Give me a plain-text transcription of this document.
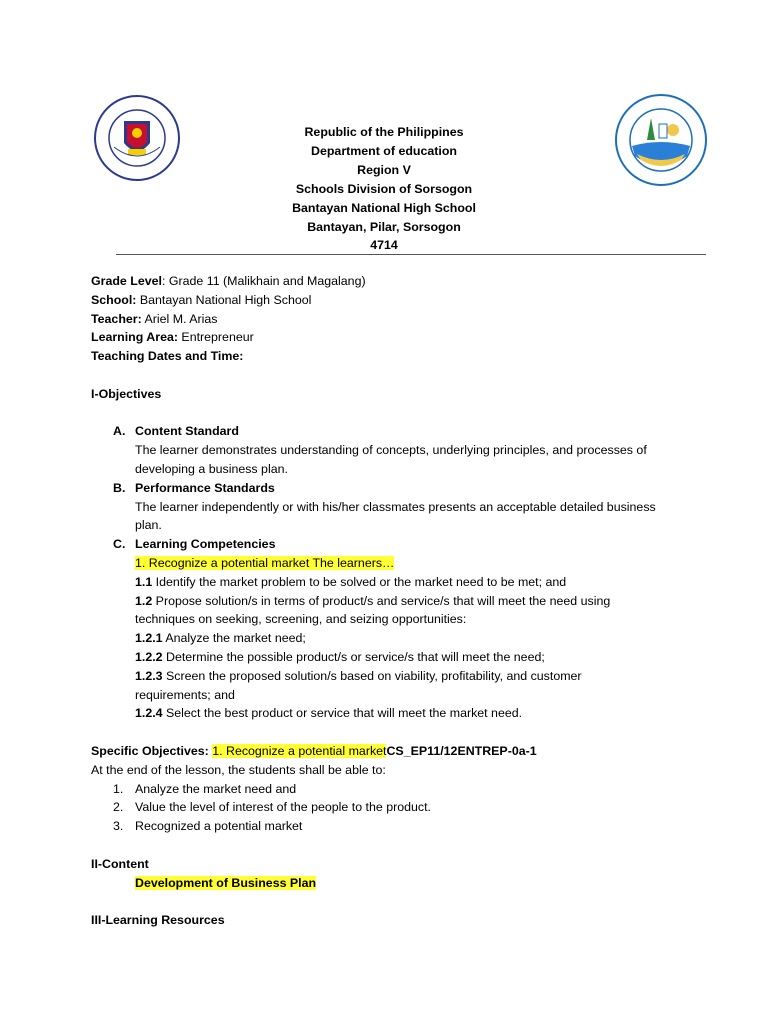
Republic of the Philippines
Department of education
Region V
Schools Division of Sorsogon
Bantayan National High School
Bantayan, Pilar, Sorsogon
4714
Grade Level: Grade 11 (Malikhain and Magalang)
School: Bantayan National High School
Teacher: Ariel M. Arias
Learning Area: Entrepreneur
Teaching Dates and Time:
I-Objectives
A. Content Standard
The learner demonstrates understanding of concepts, underlying principles, and processes of
developing a business plan.
B. Performance Standards
The learner independently or with his/her classmates presents an acceptable detailed business
plan.
C. Learning Competencies
1. Recognize a potential market The learners…
1.1 Identify the market problem to be solved or the market need to be met; and
1.2 Propose solution/s in terms of product/s and service/s that will meet the need using
techniques on seeking, screening, and seizing opportunities:
1.2.1 Analyze the market need;
1.2.2 Determine the possible product/s or service/s that will meet the need;
1.2.3 Screen the proposed solution/s based on viability, profitability, and customer
requirements; and
1.2.4 Select the best product or service that will meet the market need.
Specific Objectives: 1. Recognize a potential marketCS_EP11/12ENTREP-0a-1
At the end of the lesson, the students shall be able to:
1. Analyze the market need and
2. Value the level of interest of the people to the product.
3. Recognized a potential market
II-Content
Development of Business Plan
III-Learning Resources
